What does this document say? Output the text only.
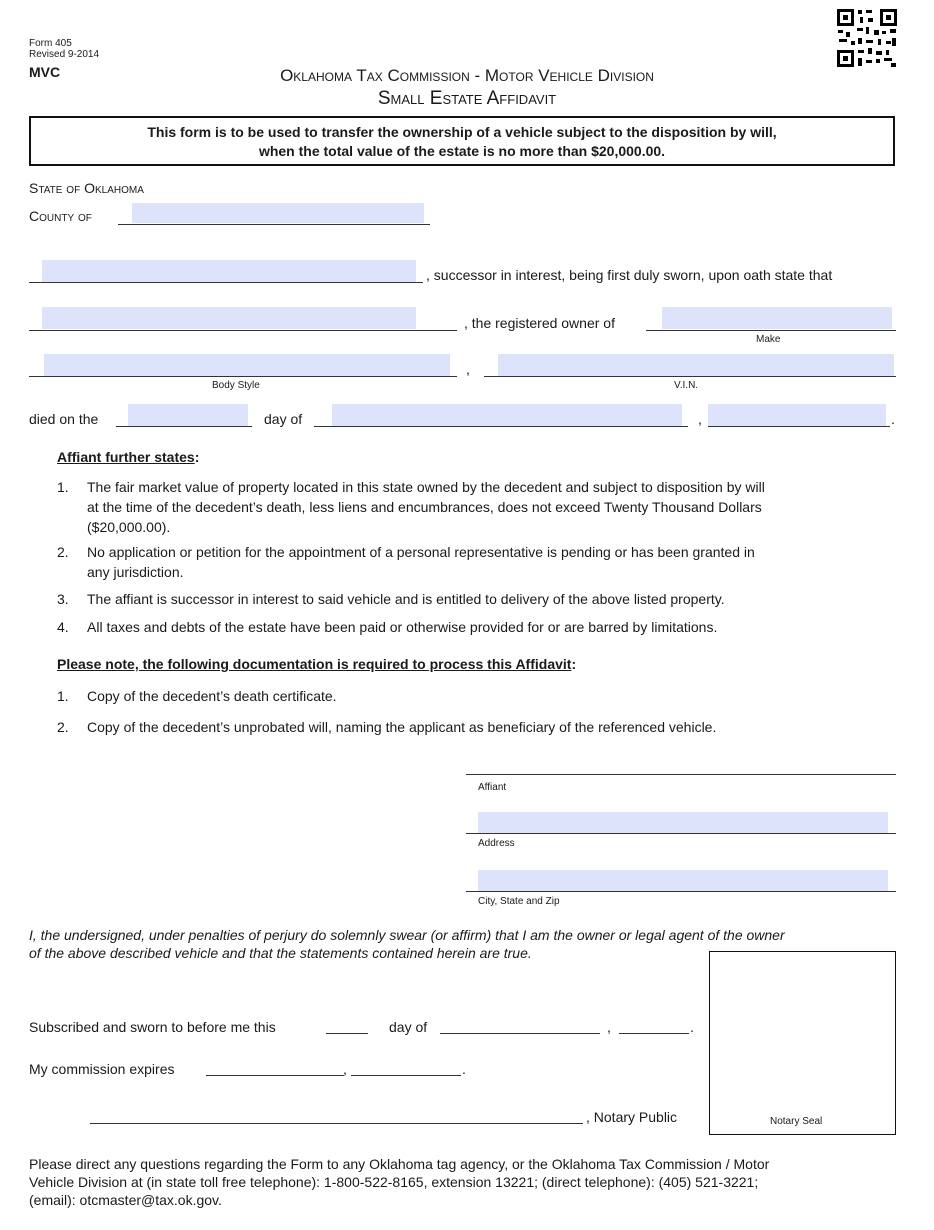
Form 405
Revised 9-2014
MVC	Oklahoma Tax Commission - Motor Vehicle Division
Small Estate Affidavit
This form is to be used to transfer the ownership of a vehicle subject to the disposition by will,
when the total value of the estate is no more than $20,000.00.
State of Oklahoma
County of
, successor in interest, being first duly sworn, upon oath state that
, the registered owner of
Make
,
Body Style	V.I.N.
died on the	day of	,	.
Affiant further states:
1. The fair market value of property located in this state owned by the decedent and subject to disposition by will
at the time of the decedent’s death, less liens and encumbrances, does not exceed Twenty Thousand Dollars
($20,000.00).
2. No application or petition for the appointment of a personal representative is pending or has been granted in
any jurisdiction.
3. The affiant is successor in interest to said vehicle and is entitled to delivery of the above listed property.
4. All taxes and debts of the estate have been paid or otherwise provided for or are barred by limitations.
Please note, the following documentation is required to process this Affidavit:
1. Copy of the decedent’s death certificate.
2. Copy of the decedent’s unprobated will, naming the applicant as beneficiary of the referenced vehicle.
Affiant
Address
City, State and Zip
I, the undersigned, under penalties of perjury do solemnly swear (or affirm) that I am the owner or legal agent of the owner
of the above described vehicle and that the statements contained herein are true.
Notary Seal
Subscribed and sworn to before me this	day of	,	.
My commission expires	,	.
, Notary Public
Please direct any questions regarding the Form to any Oklahoma tag agency, or the Oklahoma Tax Commission / Motor
Vehicle Division at (in state toll free telephone): 1-800-522-8165, extension 13221; (direct telephone): (405) 521-3221;
(email): otcmaster@tax.ok.gov.
